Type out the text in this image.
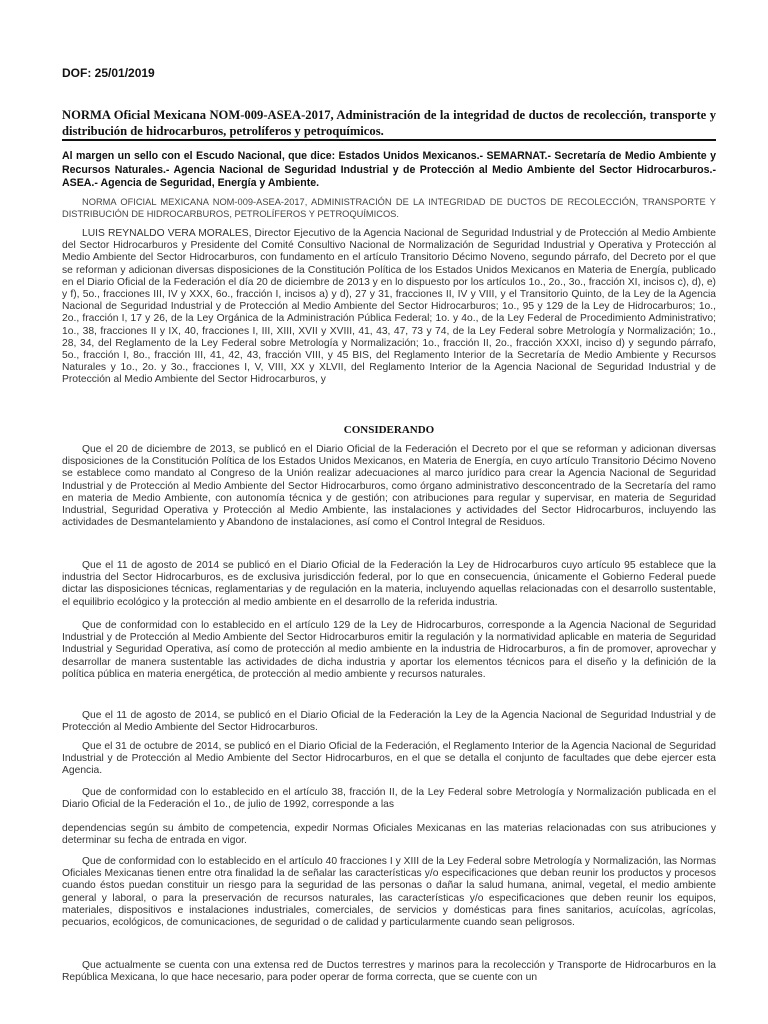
DOF: 25/01/2019
NORMA Oficial Mexicana NOM-009-ASEA-2017, Administración de la integridad de ductos de recolección, transporte y distribución de hidrocarburos, petrolíferos y petroquímicos.
Al margen un sello con el Escudo Nacional, que dice: Estados Unidos Mexicanos.- SEMARNAT.- Secretaría de Medio Ambiente y Recursos Naturales.- Agencia Nacional de Seguridad Industrial y de Protección al Medio Ambiente del Sector Hidrocarburos.- ASEA.- Agencia de Seguridad, Energía y Ambiente.
NORMA OFICIAL MEXICANA NOM-009-ASEA-2017, ADMINISTRACIÓN DE LA INTEGRIDAD DE DUCTOS DE RECOLECCIÓN, TRANSPORTE Y DISTRIBUCIÓN DE HIDROCARBUROS, PETROLÍFEROS Y PETROQUÍMICOS.
LUIS REYNALDO VERA MORALES, Director Ejecutivo de la Agencia Nacional de Seguridad Industrial y de Protección al Medio Ambiente del Sector Hidrocarburos y Presidente del Comité Consultivo Nacional de Normalización de Seguridad Industrial y Operativa y Protección al Medio Ambiente del Sector Hidrocarburos, con fundamento en el artículo Transitorio Décimo Noveno, segundo párrafo, del Decreto por el que se reforman y adicionan diversas disposiciones de la Constitución Política de los Estados Unidos Mexicanos en Materia de Energía, publicado en el Diario Oficial de la Federación el día 20 de diciembre de 2013 y en lo dispuesto por los artículos 1o., 2o., 3o., fracción XI, incisos c), d), e) y f), 5o., fracciones III, IV y XXX, 6o., fracción I, incisos a) y d), 27 y 31, fracciones II, IV y VIII, y el Transitorio Quinto, de la Ley de la Agencia Nacional de Seguridad Industrial y de Protección al Medio Ambiente del Sector Hidrocarburos; 1o., 95 y 129 de la Ley de Hidrocarburos; 1o., 2o., fracción I, 17 y 26, de la Ley Orgánica de la Administración Pública Federal; 1o. y 4o., de la Ley Federal de Procedimiento Administrativo; 1o., 38, fracciones II y IX, 40, fracciones I, III, XIII, XVII y XVIII, 41, 43, 47, 73 y 74, de la Ley Federal sobre Metrología y Normalización; 1o., 28, 34, del Reglamento de la Ley Federal sobre Metrología y Normalización; 1o., fracción II, 2o., fracción XXXI, inciso d) y segundo párrafo, 5o., fracción I, 8o., fracción III, 41, 42, 43, fracción VIII, y 45 BIS, del Reglamento Interior de la Secretaría de Medio Ambiente y Recursos Naturales y 1o., 2o. y 3o., fracciones I, V, VIII, XX y XLVII, del Reglamento Interior de la Agencia Nacional de Seguridad Industrial y de Protección al Medio Ambiente del Sector Hidrocarburos, y
CONSIDERANDO
Que el 20 de diciembre de 2013, se publicó en el Diario Oficial de la Federación el Decreto por el que se reforman y adicionan diversas disposiciones de la Constitución Política de los Estados Unidos Mexicanos, en Materia de Energía, en cuyo artículo Transitorio Décimo Noveno se establece como mandato al Congreso de la Unión realizar adecuaciones al marco jurídico para crear la Agencia Nacional de Seguridad Industrial y de Protección al Medio Ambiente del Sector Hidrocarburos, como órgano administrativo desconcentrado de la Secretaría del ramo en materia de Medio Ambiente, con autonomía técnica y de gestión; con atribuciones para regular y supervisar, en materia de Seguridad Industrial, Seguridad Operativa y Protección al Medio Ambiente, las instalaciones y actividades del Sector Hidrocarburos, incluyendo las actividades de Desmantelamiento y Abandono de instalaciones, así como el Control Integral de Residuos.
Que el 11 de agosto de 2014 se publicó en el Diario Oficial de la Federación la Ley de Hidrocarburos cuyo artículo 95 establece que la industria del Sector Hidrocarburos, es de exclusiva jurisdicción federal, por lo que en consecuencia, únicamente el Gobierno Federal puede dictar las disposiciones técnicas, reglamentarias y de regulación en la materia, incluyendo aquellas relacionadas con el desarrollo sustentable, el equilibrio ecológico y la protección al medio ambiente en el desarrollo de la referida industria.
Que de conformidad con lo establecido en el artículo 129 de la Ley de Hidrocarburos, corresponde a la Agencia Nacional de Seguridad Industrial y de Protección al Medio Ambiente del Sector Hidrocarburos emitir la regulación y la normatividad aplicable en materia de Seguridad Industrial y Seguridad Operativa, así como de protección al medio ambiente en la industria de Hidrocarburos, a fin de promover, aprovechar y desarrollar de manera sustentable las actividades de dicha industria y aportar los elementos técnicos para el diseño y la definición de la política pública en materia energética, de protección al medio ambiente y recursos naturales.
Que el 11 de agosto de 2014, se publicó en el Diario Oficial de la Federación la Ley de la Agencia Nacional de Seguridad Industrial y de Protección al Medio Ambiente del Sector Hidrocarburos.
Que el 31 de octubre de 2014, se publicó en el Diario Oficial de la Federación, el Reglamento Interior de la Agencia Nacional de Seguridad Industrial y de Protección al Medio Ambiente del Sector Hidrocarburos, en el que se detalla el conjunto de facultades que debe ejercer esta Agencia.
Que de conformidad con lo establecido en el artículo 38, fracción II, de la Ley Federal sobre Metrología y Normalización publicada en el Diario Oficial de la Federación el 1o., de julio de 1992, corresponde a las
dependencias según su ámbito de competencia, expedir Normas Oficiales Mexicanas en las materias relacionadas con sus atribuciones y determinar su fecha de entrada en vigor.
Que de conformidad con lo establecido en el artículo 40 fracciones I y XIII de la Ley Federal sobre Metrología y Normalización, las Normas Oficiales Mexicanas tienen entre otra finalidad la de señalar las características y/o especificaciones que deban reunir los productos y procesos cuando éstos puedan constituir un riesgo para la seguridad de las personas o dañar la salud humana, animal, vegetal, el medio ambiente general y laboral, o para la preservación de recursos naturales, las características y/o especificaciones que deben reunir los equipos, materiales, dispositivos e instalaciones industriales, comerciales, de servicios y domésticas para fines sanitarios, acuícolas, agrícolas, pecuarios, ecológicos, de comunicaciones, de seguridad o de calidad y particularmente cuando sean peligrosos.
Que actualmente se cuenta con una extensa red de Ductos terrestres y marinos para la recolección y Transporte de Hidrocarburos en la República Mexicana, lo que hace necesario, para poder operar de forma correcta, que se cuente con un
